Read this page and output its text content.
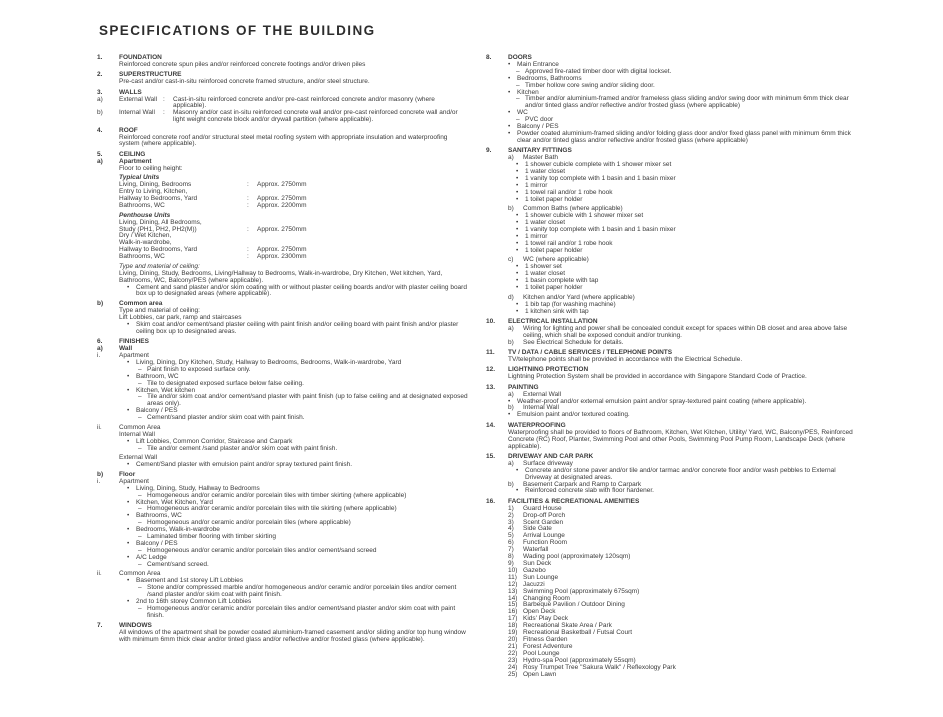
SPECIFICATIONS OF THE BUILDING
1.	FOUNDATION
Reinforced concrete spun piles and/or reinforced concrete footings and/or driven piles
2.	SUPERSTRUCTURE
Pre-cast and/or cast-in-situ reinforced concrete framed structure, and/or steel structure.
3.	WALLS
a)	External Wall :	Cast-in-situ reinforced concrete and/or pre-cast reinforced concrete and/or masonry (where applicable).
b)	Internal Wall	:	Masonry and/or cast in-situ reinforced concrete wall and/or pre-cast reinforced concrete wall and/or light weight concrete block and/or drywall partition (where applicable).
4.	ROOF
Reinforced concrete roof and/or structural steel metal roofing system with appropriate insulation and waterproofing system (where applicable).
5.	CEILING
a)	Apartment
Floor to ceiling height:
Typical Units
Living, Dining, Bedrooms	:	Approx. 2750mm
Entry to Living, Kitchen,
Hallway to Bedrooms, Yard	:	Approx. 2750mm
Bathrooms, WC	:	Approx. 2200mm
Penthouse Units
Living, Dining, All Bedrooms,
Study (PH1, PH2, PH2(M))	:	Approx. 2750mm
Dry / Wet Kitchen,
Walk-in-wardrobe,
Hallway to Bedrooms, Yard	:	Approx. 2750mm
Bathrooms, WC	:	Approx. 2300mm
Type and material of ceiling:
Living, Dining, Study, Bedrooms, Living/Hallway to Bedrooms, Walk-in-wardrobe, Dry Kitchen, Wet kitchen, Yard, Bathrooms, WC, Balcony/PES (where applicable).
•	Cement and sand plaster and/or skim coating with or without plaster ceiling boards and/or with plaster ceiling board box up to designated areas (where applicable).
b)	Common area
Type and material of ceiling:
Lift Lobbies, car park, ramp and staircases
•	Skim coat and/or cement/sand plaster ceiling with paint finish and/or ceiling board with paint finish and/or plaster ceiling box up to designated areas.
6.	FINISHES
a)	Wall
i.	Apartment
•	Living, Dining, Dry Kitchen, Study, Hallway to Bedrooms, Bedrooms, Walk-in-wardrobe, Yard
– Paint finish to exposed surface only.
•	Bathroom, WC
– Tile to designated exposed surface below false ceiling.
•	Kitchen, Wet kitchen
– Tile and/or skim coat and/or cement/sand plaster with paint finish (up to false ceiling and at designated exposed areas only).
•	Balcony / PES
– Cement/sand plaster and/or skim coat with paint finish.
ii.	Common Area
Internal Wall
•	Lift Lobbies, Common Corridor, Staircase and Carpark
– Tile and/or cement /sand plaster and/or skim coat with paint finish.
External Wall
•	Cement/Sand plaster with emulsion paint and/or spray textured paint finish.
b)	Floor
i.	Apartment
•	Living, Dining, Study, Hallway to Bedrooms
– Homogeneous and/or ceramic and/or porcelain tiles with timber skirting (where applicable)
•	Kitchen, Wet Kitchen, Yard
– Homogeneous and/or ceramic and/or porcelain tiles with tile skirting (where applicable)
•	Bathrooms, WC
– Homogeneous and/or ceramic and/or porcelain tiles (where applicable)
•	Bedrooms, Walk-in-wardrobe
– Laminated timber flooring with timber skirting
•	Balcony / PES
– Homogeneous and/or ceramic and/or porcelain tiles and/or cement/sand screed
•	A/C Ledge
– Cement/sand screed.
ii.	Common Area
•	Basement and 1st storey Lift Lobbies
– Stone and/or compressed marble and/or homogeneous and/or ceramic and/or porcelain tiles and/or cement /sand plaster and/or skim coat with paint finish.
•	2nd to 16th storey Common Lift Lobbies
– Homogeneous and/or ceramic and/or porcelain tiles and/or cement/sand plaster and/or skim coat with paint finish.
7.	WINDOWS
All windows of the apartment shall be powder coated aluminium-framed casement and/or sliding and/or top hung window with minimum 6mm thick clear and/or tinted glass and/or reflective and/or frosted glass (where applicable).
8.	DOORS
•	Main Entrance
– Approved fire-rated timber door with digital lockset.
•	Bedrooms, Bathrooms
– Timber hollow core swing and/or sliding door.
•	Kitchen
– Timber and/or aluminium-framed and/or frameless glass sliding and/or swing door with minimum 6mm thick clear and/or tinted glass and/or reflective and/or frosted glass (where applicable)
•	WC
– PVC door
•	Balcony / PES
•	Powder coated aluminium-framed sliding and/or folding glass door and/or fixed glass panel with minimum 6mm thick clear and/or tinted glass and/or reflective and/or frosted glass (where applicable)
9.	SANITARY FITTINGS
a)	Master Bath
•	1 shower cubicle complete with 1 shower mixer set
•	1 water closet
•	1 vanity top complete with 1 basin and 1 basin mixer
•	1 mirror
•	1 towel rail and/or 1 robe hook
•	1 toilet paper holder
b)	Common Baths (where applicable)
•	1 shower cubicle with 1 shower mixer set
•	1 water closet
•	1 vanity top complete with 1 basin and 1 basin mixer
•	1 mirror
•	1 towel rail and/or 1 robe hook
•	1 toilet paper holder
c)	WC (where applicable)
•	1 shower set
•	1 water closet
•	1 basin complete with tap
•	1 toilet paper holder
d)	Kitchen and/or Yard (where applicable)
•	1 bib tap (for washing machine)
•	1 kitchen sink with tap
10.	ELECTRICAL INSTALLATION
a)	Wiring for lighting and power shall be concealed conduit except for spaces within DB closet and area above false ceiling, which shall be exposed conduit and/or trunking.
b)	See Electrical Schedule for details.
11.	TV / DATA / CABLE SERVICES / TELEPHONE POINTS
TV/telephone points shall be provided in accordance with the Electrical Schedule.
12.	LIGHTNING PROTECTION
Lightning Protection System shall be provided in accordance with Singapore Standard Code of Practice.
13.	PAINTING
a)	External Wall
•	Weather-proof and/or external emulsion paint and/or spray-textured paint coating (where applicable).
b)	Internal Wall
•	Emulsion paint and/or textured coating.
14.	WATERPROOFING
Waterproofing shall be provided to floors of Bathroom, Kitchen, Wet Kitchen, Utility/ Yard, WC, Balcony/PES, Reinforced Concrete (RC) Roof, Planter, Swimming Pool and other Pools, Swimming Pool Pump Room, Landscape Deck (where applicable).
15.	DRIVEWAY AND CAR PARK
a)	Surface driveway
•	Concrete and/or stone paver and/or tile and/or tarmac and/or concrete floor and/or wash pebbles to External Driveway at designated areas.
b)	Basement Carpark and Ramp to Carpark
•	Reinforced concrete slab with floor hardener.
16.	FACILITIES & RECREATIONAL AMENITIES
1)	Guard House
2)	Drop-off Porch
3)	Scent Garden
4)	Side Gate
5)	Arrival Lounge
6)	Function Room
7)	Waterfall
8)	Wading pool (approximately 120sqm)
9)	Sun Deck
10) Gazebo
11) Sun Lounge
12) Jacuzzi
13) Swimming Pool (approximately 675sqm)
14) Changing Room
15) Barbeque Pavilion / Outdoor Dining
16) Open Deck
17) Kids' Play Deck
18) Recreational Skate Area / Park
19) Recreational Basketball / Futsal Court
20) Fitness Garden
21) Forest Adventure
22) Pool Lounge
23) Hydro-spa Pool (approximately 55sqm)
24) Rosy Trumpet Tree "Sakura Walk" / Reflexology Park
25) Open Lawn
